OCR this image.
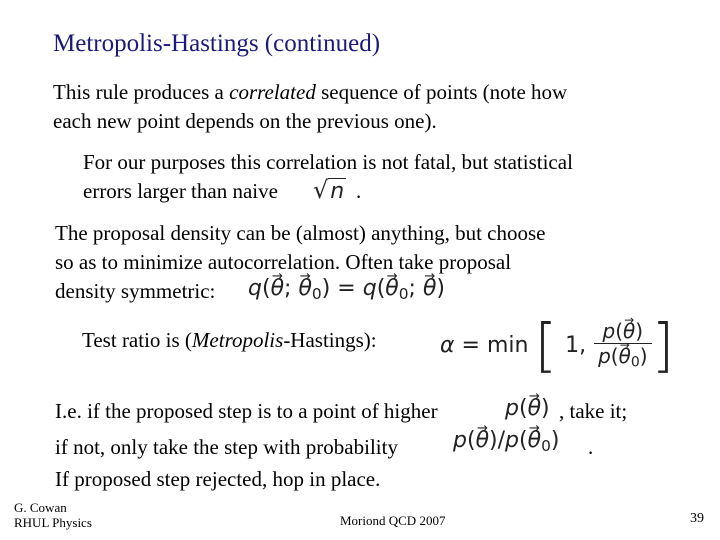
Metropolis-Hastings (continued)
This rule produces a correlated sequence of points (note how
each new point depends on the previous one).
For our purposes this correlation is not fatal, but statistical
errors larger than naive √n .
The proposal density can be (almost) anything, but choose
so as to minimize autocorrelation. Often take proposal
density symmetric: q(→ θ; → $\theta_0) = q(\to \theta_0$; → θ)
Test ratio is (Metropolis-Hastings):	α = min [ 1, $\frac{p(\to \theta)}{p(\to \theta_0)}$ ]
I.e. if the proposed step is to a point of higher	p(→ θ) , take it;
if not, only take the step with probability	$p(\to \theta)/p(\to \theta_0)$ .
If proposed step rejected, hop in place.
G. Cowan
RHUL Physics	Moriond QCD 2007	39
